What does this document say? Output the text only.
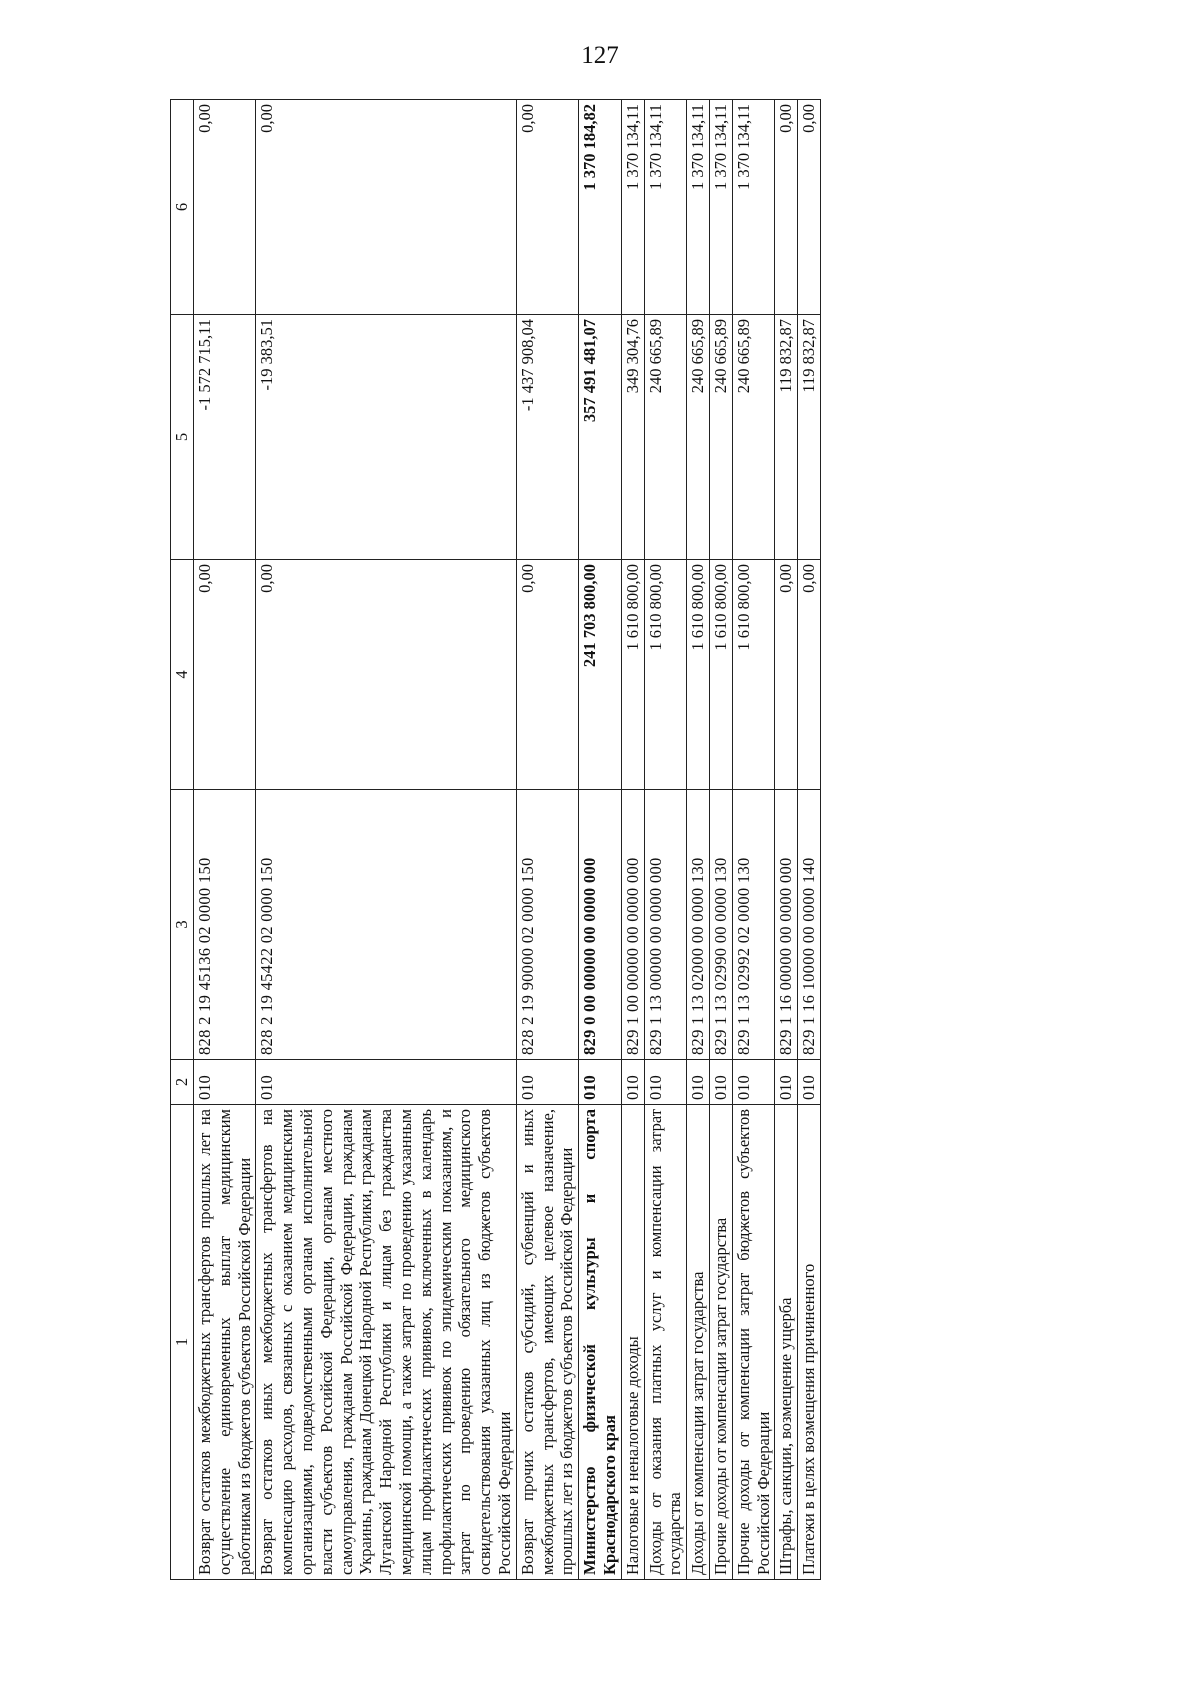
127
1	2	3	4	5	6
Возврат остатков межбюджетных трансфертов прошлых лет на осуществление единовременных выплат медицинским работникам из бюджетов субъектов Российской Федерации	010	828 2 19 45136 02 0000 150	0,00	-1 572 715,11	0,00
Возврат остатков иных межбюджетных трансфертов на компенсацию расходов, связанных с оказанием медицинскими организациями, подведомственными органам исполнительной власти субъектов Российской Федерации, органам местного самоуправления, гражданам Российской Федерации, гражданам Украины, гражданам Донецкой Народной Республики, гражданам Луганской Народной Республики и лицам без гражданства медицинской помощи, а также затрат по проведению указанным лицам профилактических прививок, включенных в календарь профилактических прививок по эпидемическим показаниям, и затрат по проведению обязательного медицинского освидетельствования указанных лиц из бюджетов субъектов Российской Федерации	010	828 2 19 45422 02 0000 150	0,00	-19 383,51	0,00
Возврат прочих остатков субсидий, субвенций и иных межбюджетных трансфертов, имеющих целевое назначение, прошлых лет из бюджетов субъектов Российской Федерации	010	828 2 19 90000 02 0000 150	0,00	-1 437 908,04	0,00
Министерство физической культуры и спорта Краснодарского края	010	829 0 00 00000 00 0000 000	241 703 800,00	357 491 481,07	1 370 184,82
Налоговые и неналоговые доходы	010	829 1 00 00000 00 0000 000	1 610 800,00	349 304,76	1 370 134,11
Доходы от оказания платных услуг и компенсации затрат государства	010	829 1 13 00000 00 0000 000	1 610 800,00	240 665,89	1 370 134,11
Доходы от компенсации затрат государства	010	829 1 13 02000 00 0000 130	1 610 800,00	240 665,89	1 370 134,11
Прочие доходы от компенсации затрат государства	010	829 1 13 02990 00 0000 130	1 610 800,00	240 665,89	1 370 134,11
Прочие доходы от компенсации затрат бюджетов субъектов Российской Федерации	010	829 1 13 02992 02 0000 130	1 610 800,00	240 665,89	1 370 134,11
Штрафы, санкции, возмещение ущерба	010	829 1 16 00000 00 0000 000	0,00	119 832,87	0,00
Платежи в целях возмещения причиненного	010	829 1 16 10000 00 0000 140	0,00	119 832,87	0,00
